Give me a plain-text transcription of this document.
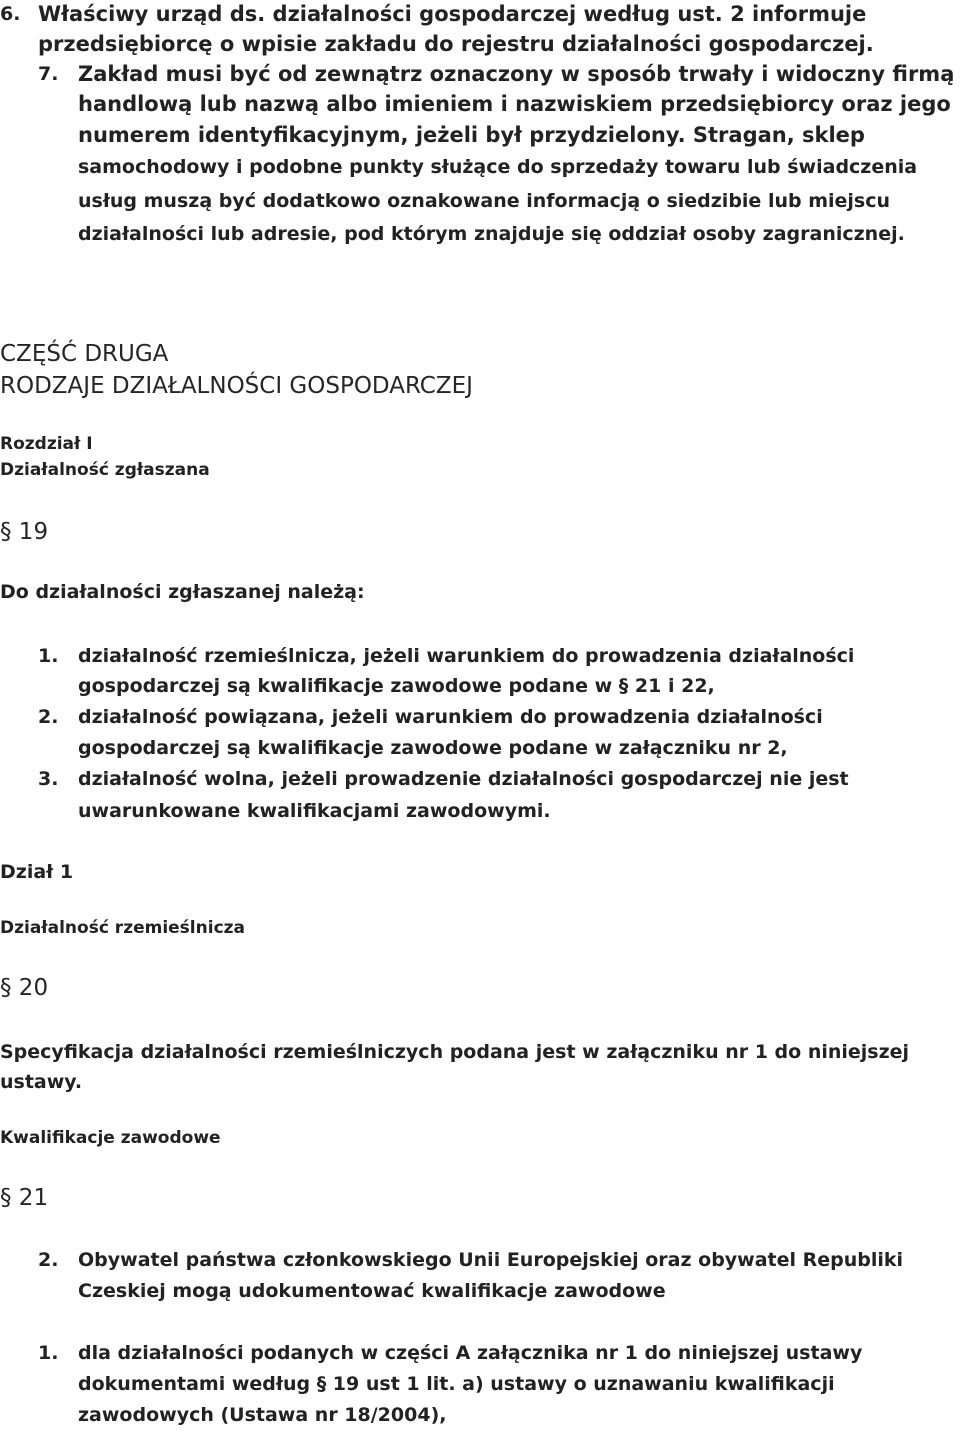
6. Właściwy urząd ds. działalności gospodarczej według ust. 2 informuje
przedsiębiorcę o wpisie zakładu do rejestru działalności gospodarczej.
7. Zakład musi być od zewnątrz oznaczony w sposób trwały i widoczny firmą
handlową lub nazwą albo imieniem i nazwiskiem przedsiębiorcy oraz jego
numerem identyfikacyjnym, jeżeli był przydzielony. Stragan, sklep
samochodowy i podobne punkty służące do sprzedaży towaru lub świadczenia
usług muszą być dodatkowo oznakowane informacją o siedzibie lub miejscu
działalności lub adresie, pod którym znajduje się oddział osoby zagranicznej.
CZĘŚĆ DRUGA
RODZAJE DZIAŁALNOŚCI GOSPODARCZEJ
Rozdział I
Działalność zgłaszana
§ 19
Do działalności zgłaszanej należą:
1. działalność rzemieślnicza, jeżeli warunkiem do prowadzenia działalności
gospodarczej są kwalifikacje zawodowe podane w § 21 i 22,
2. działalność powiązana, jeżeli warunkiem do prowadzenia działalności
gospodarczej są kwalifikacje zawodowe podane w załączniku nr 2,
3. działalność wolna, jeżeli prowadzenie działalności gospodarczej nie jest
uwarunkowane kwalifikacjami zawodowymi.
Dział 1
Działalność rzemieślnicza
§ 20
Specyfikacja działalności rzemieślniczych podana jest w załączniku nr 1 do niniejszej
ustawy.
Kwalifikacje zawodowe
§ 21
2. Obywatel państwa członkowskiego Unii Europejskiej oraz obywatel Republiki
Czeskiej mogą udokumentować kwalifikacje zawodowe
1. dla działalności podanych w części A załącznika nr 1 do niniejszej ustawy
dokumentami według § 19 ust 1 lit. a) ustawy o uznawaniu kwalifikacji
zawodowych (Ustawa nr 18/2004),
